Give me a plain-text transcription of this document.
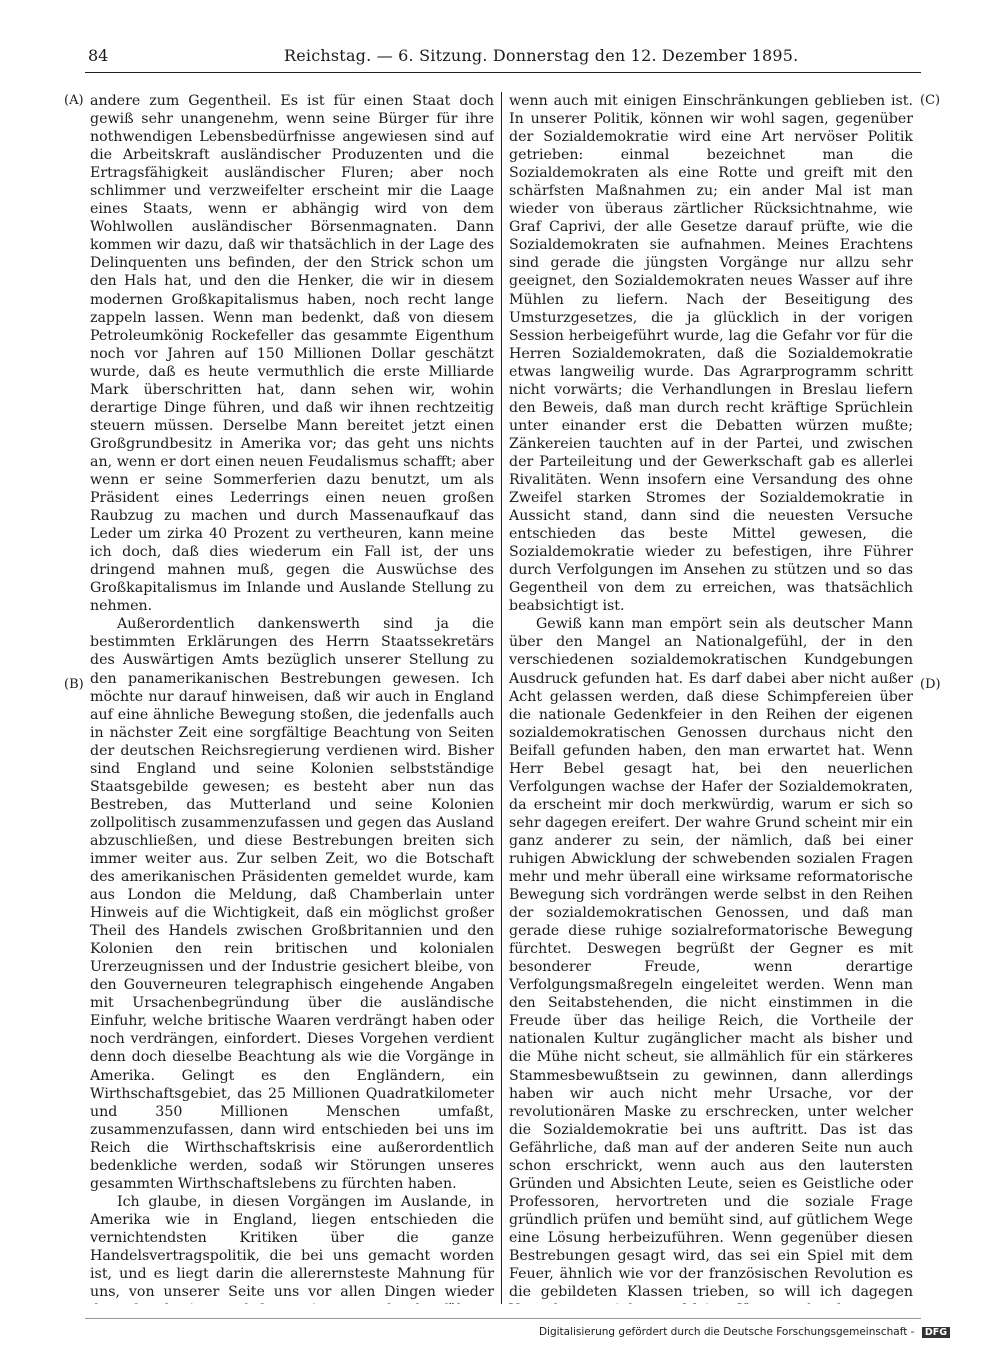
84	Reichstag. — 6. Sitzung. Donnerstag den 12. Dezember 1895.
(A)
(B)
(C)
(D)

andere zum Gegentheil. Es ist für einen Staat doch gewiß sehr unangenehm, wenn seine Bürger für ihre nothwendigen Lebensbedürfnisse angewiesen sind auf die Arbeitskraft ausländischer Produzenten und die Ertragsfähigkeit ausländischer Fluren; aber noch schlimmer und verzweifelter erscheint mir die Laage eines Staats, wenn er abhängig wird von dem Wohlwollen ausländischer Börsenmagnaten. Dann kommen wir dazu, daß wir thatsächlich in der Lage des Delinquenten uns befinden, der den Strick schon um den Hals hat, und den die Henker, die wir in diesem modernen Großkapitalismus haben, noch recht lange zappeln lassen. Wenn man bedenkt, daß von diesem Petroleumkönig Rockefeller das gesammte Eigenthum noch vor Jahren auf 150 Millionen Dollar geschätzt wurde, daß es heute vermuthlich die erste Milliarde Mark überschritten hat, dann sehen wir, wohin derartige Dinge führen, und daß wir ihnen rechtzeitig steuern müssen. Derselbe Mann bereitet jetzt einen Großgrundbesitz in Amerika vor; das geht uns nichts an, wenn er dort einen neuen Feudalismus schafft; aber wenn er seine Sommerferien dazu benutzt, um als Präsident eines Lederrings einen neuen großen Raubzug zu machen und durch Massenaufkauf das Leder um zirka 40 Prozent zu vertheuren, kann meine ich doch, daß dies wiederum ein Fall ist, der uns dringend mahnen muß, gegen die Auswüchse des Großkapitalismus im Inlande und Auslande Stellung zu nehmen.

Außerordentlich dankenswerth sind ja die bestimmten Erklärungen des Herrn Staatssekretärs des Auswärtigen Amts bezüglich unserer Stellung zu den panamerikanischen Bestrebungen gewesen. Ich möchte nur darauf hinweisen, daß wir auch in England auf eine ähnliche Bewegung stoßen, die jedenfalls auch in nächster Zeit eine sorgfältige Beachtung von Seiten der deutschen Reichsregierung verdienen wird. Bisher sind England und seine Kolonien selbstständige Staatsgebilde gewesen; es besteht aber nun das Bestreben, das Mutterland und seine Kolonien zollpolitisch zusammenzufassen und gegen das Ausland abzuschließen, und diese Bestrebungen breiten sich immer weiter aus. Zur selben Zeit, wo die Botschaft des amerikanischen Präsidenten gemeldet wurde, kam aus London die Meldung, daß Chamberlain unter Hinweis auf die Wichtigkeit, daß ein möglichst großer Theil des Handels zwischen Großbritannien und den Kolonien den rein britischen und kolonialen Urerzeugnissen und der Industrie gesichert bleibe, von den Gouverneuren telegraphisch eingehende Angaben mit Ursachenbegründung über die ausländische Einfuhr, welche britische Waaren verdrängt haben oder noch verdrängen, einfordert. Dieses Vorgehen verdient denn doch dieselbe Beachtung als wie die Vorgänge in Amerika. Gelingt es den Engländern, ein Wirthschaftsgebiet, das 25 Millionen Quadratkilometer und 350 Millionen Menschen umfaßt, zusammenzufassen, dann wird entschieden bei uns im Reich die Wirthschaftskrisis eine außerordentlich bedenkliche werden, sodaß wir Störungen unseres gesammten Wirthschaftslebens zu fürchten haben.

Ich glaube, in diesen Vorgängen im Auslande, in Amerika wie in England, liegen entschieden die vernichtendsten Kritiken über die ganze Handelsvertragspolitik, die bei uns gemacht worden ist, und es liegt darin die allerernsteste Mahnung für uns, von unserer Seite uns vor allen Dingen wieder

wenn auch mit einigen Einschränkungen geblieben ist. In unserer Politik, können wir wohl sagen, gegenüber der Sozialdemokratie wird eine Art nervöser Politik getrieben: einmal bezeichnet man die Sozialdemokraten als eine Rotte und greift mit den schärfsten Maßnahmen zu; ein ander Mal ist man wieder von überaus zärtlicher Rücksichtnahme, wie Graf Caprivi, der alle Gesetze darauf prüfte, wie die Sozialdemokraten sie aufnahmen. Meines Erachtens sind gerade die jüngsten Vorgänge nur allzu sehr geeignet, den Sozialdemokraten neues Wasser auf ihre Mühlen zu liefern. Nach der Beseitigung des Umsturzgesetzes, die ja glücklich in der vorigen Session herbeigeführt wurde, lag die Gefahr vor für die Herren Sozialdemokraten, daß die Sozialdemokratie etwas langweilig wurde. Das Agrarprogramm schritt nicht vorwärts; die Verhandlungen in Breslau liefern den Beweis, daß man durch recht kräftige Sprüchlein unter einander erst die Debatten würzen mußte; Zänkereien tauchten auf in der Partei, und zwischen der Parteileitung und der Gewerkschaft gab es allerlei Rivalitäten. Wenn insofern eine Versandung des ohne Zweifel starken Stromes der Sozialdemokratie in Aussicht stand, dann sind die neuesten Versuche entschieden das beste Mittel gewesen, die Sozialdemokratie wieder zu befestigen, ihre Führer durch Verfolgungen im Ansehen zu stützen und so das Gegentheil von dem zu erreichen, was thatsächlich beabsichtigt ist.

Gewiß kann man empört sein als deutscher Mann über den Mangel an Nationalgefühl, der in den verschiedenen sozialdemokratischen Kundgebungen Ausdruck gefunden hat. Es darf dabei aber nicht außer Acht gelassen werden, daß diese Schimpfereien über die nationale Gedenkfeier in den Reihen der eigenen sozialdemokratischen Genossen durchaus nicht den Beifall gefunden haben, den man erwartet hat. Wenn Herr Bebel gesagt hat, bei den neuerlichen Verfolgungen wachse der Hafer der Sozialdemokraten, da erscheint mir doch merkwürdig, warum er sich so sehr dagegen ereifert. Der wahre Grund scheint mir ein ganz anderer zu sein, der nämlich, daß bei einer ruhigen Abwicklung der schwebenden sozialen Fragen mehr und mehr überall eine wirksame reformatorische Bewegung sich vordrängen werde selbst in den Reihen der sozialdemokratischen Genossen, und daß man gerade diese ruhige sozialreformatorische Bewegung fürchtet. Deswegen begrüßt der Gegner es mit besonderer Freude, wenn derartige Verfolgungsmaßregeln eingeleitet werden. Wenn man den Seitabstehenden, die nicht einstimmen in die Freude über das heilige Reich, die Vortheile der nationalen Kultur zugänglicher macht als bisher und die Mühe nicht scheut, sie allmählich für ein stärkeres Stammesbewußtsein zu gewinnen, dann allerdings haben wir auch nicht mehr Ursache, vor der revolutionären Maske zu erschrecken, unter welcher die Sozialdemokratie bei uns auftritt. Das ist das Gefährliche, daß man auf der anderen Seite nun auch schon erschrickt, wenn auch aus den lautersten Gründen und Absichten Leute, seien es Geistliche oder Professoren, hervortreten und die soziale Frage gründlich prüfen und bemüht sind, auf gütlichem Wege eine Lösung herbeizuführen. Wenn gegenüber diesen Bestrebungen gesagt wird, das sei ein Spiel mit dem Feuer, ähnlich wie vor der französischen Revolution es die gebildeten Klassen trieben, so will ich dagegen

Digitalisierung gefördert durch die Deutsche Forschungsgemeinschaft - DFG
